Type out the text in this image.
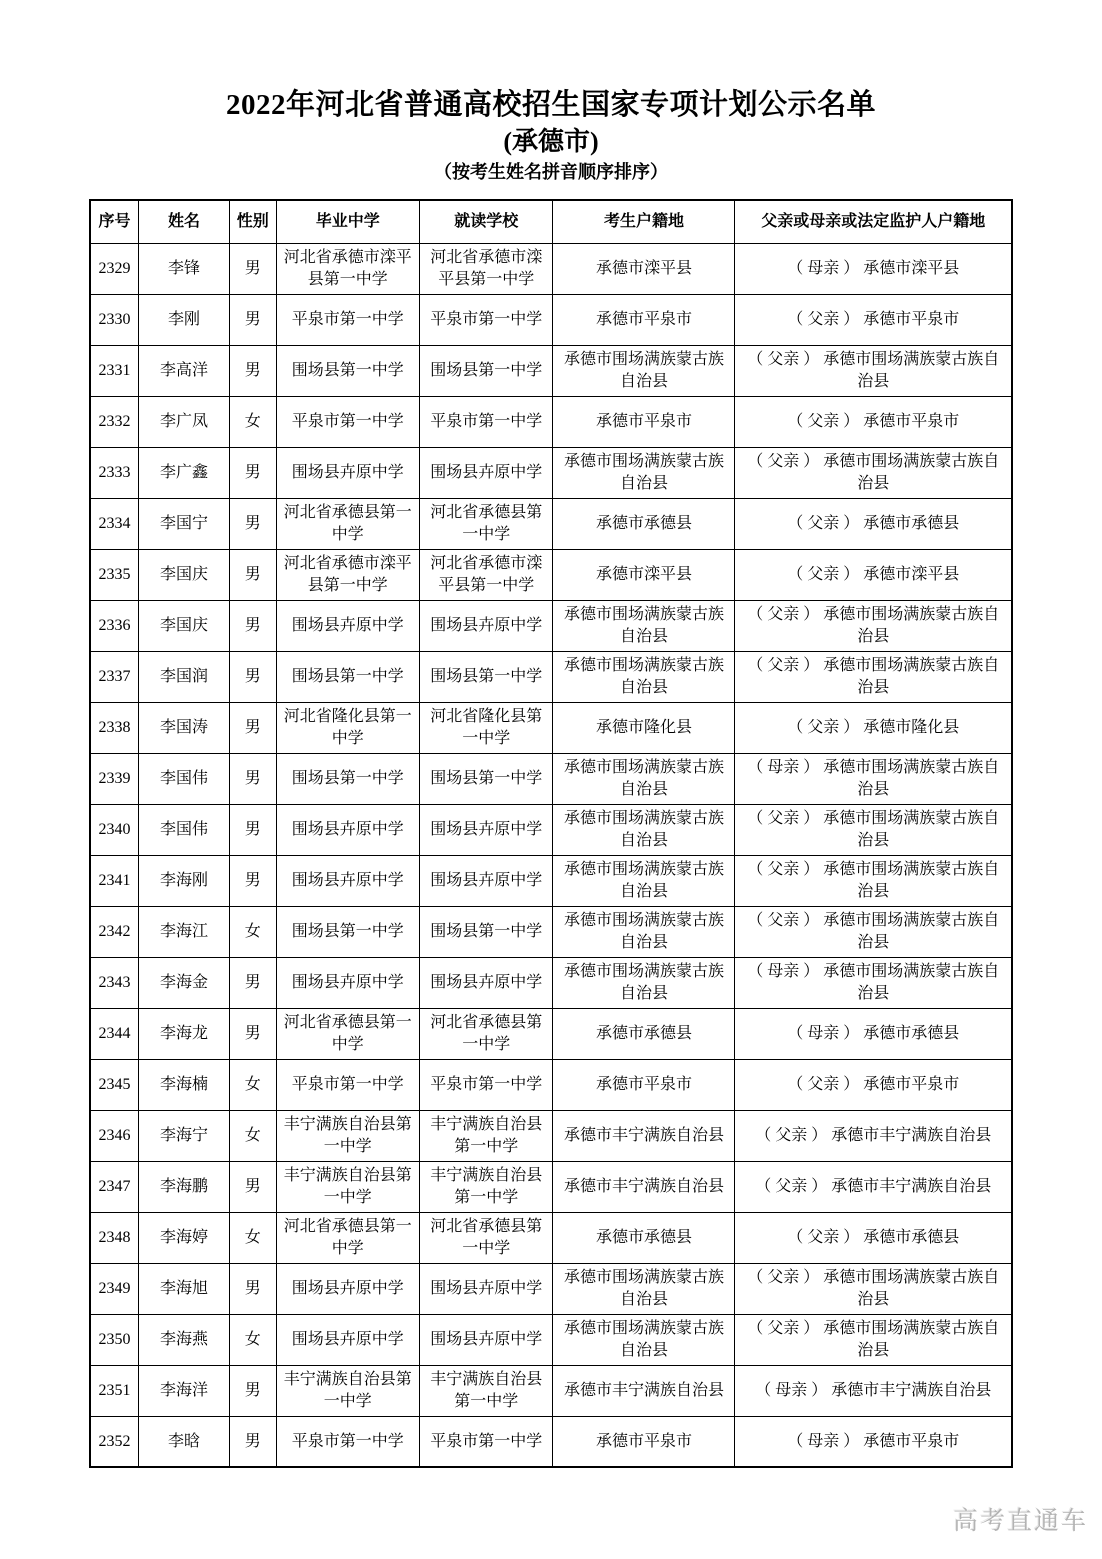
2022年河北省普通高校招生国家专项计划公示名单
(承德市)
（按考生姓名拼音顺序排序）
序号	姓名	性别	毕业中学	就读学校	考生户籍地	父亲或母亲或法定监护人户籍地
2329	李锋	男	河北省承德市滦平县第一中学	河北省承德市滦平县第一中学	承德市滦平县	（ 母亲 ） 承德市滦平县
2330	李刚	男	平泉市第一中学	平泉市第一中学	承德市平泉市	（ 父亲 ） 承德市平泉市
2331	李高洋	男	围场县第一中学	围场县第一中学	承德市围场满族蒙古族自治县	（ 父亲 ） 承德市围场满族蒙古族自治县
2332	李广凤	女	平泉市第一中学	平泉市第一中学	承德市平泉市	（ 父亲 ） 承德市平泉市
2333	李广鑫	男	围场县卉原中学	围场县卉原中学	承德市围场满族蒙古族自治县	（ 父亲 ） 承德市围场满族蒙古族自治县
2334	李国宁	男	河北省承德县第一中学	河北省承德县第一中学	承德市承德县	（ 父亲 ） 承德市承德县
2335	李国庆	男	河北省承德市滦平县第一中学	河北省承德市滦平县第一中学	承德市滦平县	（ 父亲 ） 承德市滦平县
2336	李国庆	男	围场县卉原中学	围场县卉原中学	承德市围场满族蒙古族自治县	（ 父亲 ） 承德市围场满族蒙古族自治县
2337	李国润	男	围场县第一中学	围场县第一中学	承德市围场满族蒙古族自治县	（ 父亲 ） 承德市围场满族蒙古族自治县
2338	李国涛	男	河北省隆化县第一中学	河北省隆化县第一中学	承德市隆化县	（ 父亲 ） 承德市隆化县
2339	李国伟	男	围场县第一中学	围场县第一中学	承德市围场满族蒙古族自治县	（ 母亲 ） 承德市围场满族蒙古族自治县
2340	李国伟	男	围场县卉原中学	围场县卉原中学	承德市围场满族蒙古族自治县	（ 父亲 ） 承德市围场满族蒙古族自治县
2341	李海刚	男	围场县卉原中学	围场县卉原中学	承德市围场满族蒙古族自治县	（ 父亲 ） 承德市围场满族蒙古族自治县
2342	李海江	女	围场县第一中学	围场县第一中学	承德市围场满族蒙古族自治县	（ 父亲 ） 承德市围场满族蒙古族自治县
2343	李海金	男	围场县卉原中学	围场县卉原中学	承德市围场满族蒙古族自治县	（ 母亲 ） 承德市围场满族蒙古族自治县
2344	李海龙	男	河北省承德县第一中学	河北省承德县第一中学	承德市承德县	（ 母亲 ） 承德市承德县
2345	李海楠	女	平泉市第一中学	平泉市第一中学	承德市平泉市	（ 父亲 ） 承德市平泉市
2346	李海宁	女	丰宁满族自治县第一中学	丰宁满族自治县第一中学	承德市丰宁满族自治县	（ 父亲 ） 承德市丰宁满族自治县
2347	李海鹏	男	丰宁满族自治县第一中学	丰宁满族自治县第一中学	承德市丰宁满族自治县	（ 父亲 ） 承德市丰宁满族自治县
2348	李海婷	女	河北省承德县第一中学	河北省承德县第一中学	承德市承德县	（ 父亲 ） 承德市承德县
2349	李海旭	男	围场县卉原中学	围场县卉原中学	承德市围场满族蒙古族自治县	（ 父亲 ） 承德市围场满族蒙古族自治县
2350	李海燕	女	围场县卉原中学	围场县卉原中学	承德市围场满族蒙古族自治县	（ 父亲 ） 承德市围场满族蒙古族自治县
2351	李海洋	男	丰宁满族自治县第一中学	丰宁满族自治县第一中学	承德市丰宁满族自治县	（ 母亲 ） 承德市丰宁满族自治县
2352	李晗	男	平泉市第一中学	平泉市第一中学	承德市平泉市	（ 母亲 ） 承德市平泉市
高考直通车
